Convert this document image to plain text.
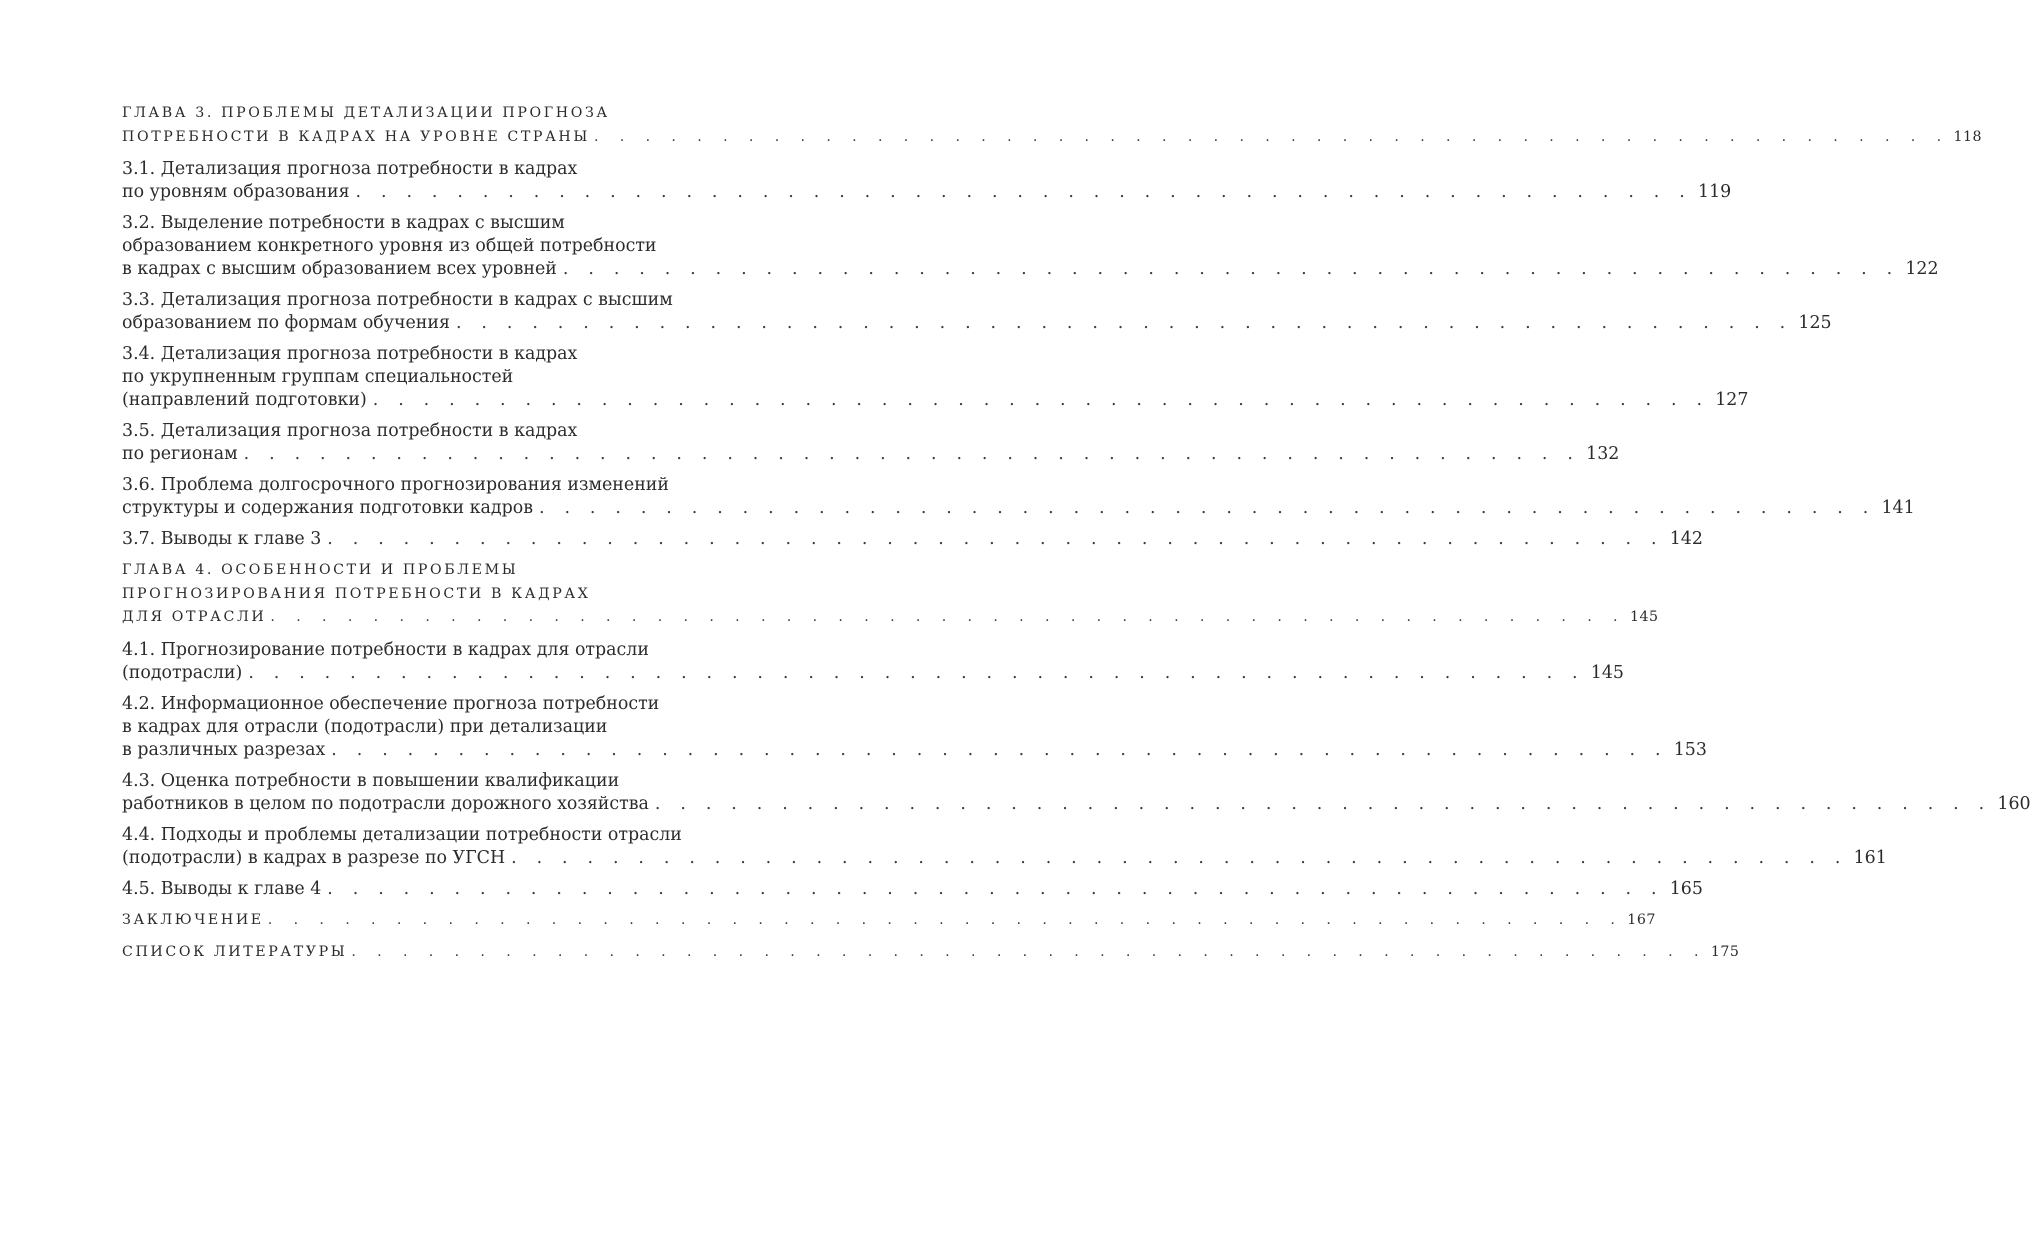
ГЛАВА 3. ПРОБЛЕМЫ ДЕТАЛИЗАЦИИ ПРОГНОЗА
ПОТРЕБНОСТИ В КАДРАХ НА УРОВНЕ СТРАНЫ . . . . . . . . . . . . . . . . . . . . . . . . . . . . . . . . . . . . . . . . . . . . . . . . . . . . . 118
3.1. Детализация прогноза потребности в кадрах
по уровням образования . . . . . . . . . . . . . . . . . . . . . . . . . . . . . . . . . . . . . . . . . . . . . . . . . . . . . 119
3.2. Выделение потребности в кадрах с высшим
образованием конкретного уровня из общей потребности
в кадрах с высшим образованием всех уровней . . . . . . . . . . . . . . . . . . . . . . . . . . . . . . . . . . . . . . . . . . . . . . . . . . . . . 122
3.3. Детализация прогноза потребности в кадрах с высшим
образованием по формам обучения . . . . . . . . . . . . . . . . . . . . . . . . . . . . . . . . . . . . . . . . . . . . . . . . . . . . . 125
3.4. Детализация прогноза потребности в кадрах
по укрупненным группам специальностей
(направлений подготовки) . . . . . . . . . . . . . . . . . . . . . . . . . . . . . . . . . . . . . . . . . . . . . . . . . . . . . 127
3.5. Детализация прогноза потребности в кадрах
по регионам . . . . . . . . . . . . . . . . . . . . . . . . . . . . . . . . . . . . . . . . . . . . . . . . . . . . . 132
3.6. Проблема долгосрочного прогнозирования изменений
структуры и содержания подготовки кадров . . . . . . . . . . . . . . . . . . . . . . . . . . . . . . . . . . . . . . . . . . . . . . . . . . . . . 141
3.7. Выводы к главе 3 . . . . . . . . . . . . . . . . . . . . . . . . . . . . . . . . . . . . . . . . . . . . . . . . . . . . . 142
ГЛАВА 4. ОСОБЕННОСТИ И ПРОБЛЕМЫ
ПРОГНОЗИРОВАНИЯ ПОТРЕБНОСТИ В КАДРАХ
ДЛЯ ОТРАСЛИ . . . . . . . . . . . . . . . . . . . . . . . . . . . . . . . . . . . . . . . . . . . . . . . . . . . . . 145
4.1. Прогнозирование потребности в кадрах для отрасли
(подотрасли) . . . . . . . . . . . . . . . . . . . . . . . . . . . . . . . . . . . . . . . . . . . . . . . . . . . . . 145
4.2. Информационное обеспечение прогноза потребности
в кадрах для отрасли (подотрасли) при детализации
в различных разрезах . . . . . . . . . . . . . . . . . . . . . . . . . . . . . . . . . . . . . . . . . . . . . . . . . . . . . 153
4.3. Оценка потребности в повышении квалификации
работников в целом по подотрасли дорожного хозяйства . . . . . . . . . . . . . . . . . . . . . . . . . . . . . . . . . . . . . . . . . . . . . . . . . . . . . 160
4.4. Подходы и проблемы детализации потребности отрасли
(подотрасли) в кадрах в разрезе по УГСН . . . . . . . . . . . . . . . . . . . . . . . . . . . . . . . . . . . . . . . . . . . . . . . . . . . . . 161
4.5. Выводы к главе 4 . . . . . . . . . . . . . . . . . . . . . . . . . . . . . . . . . . . . . . . . . . . . . . . . . . . . . 165
ЗАКЛЮЧЕНИЕ . . . . . . . . . . . . . . . . . . . . . . . . . . . . . . . . . . . . . . . . . . . . . . . . . . . . . 167
СПИСОК ЛИТЕРАТУРЫ . . . . . . . . . . . . . . . . . . . . . . . . . . . . . . . . . . . . . . . . . . . . . . . . . . . . . 175
